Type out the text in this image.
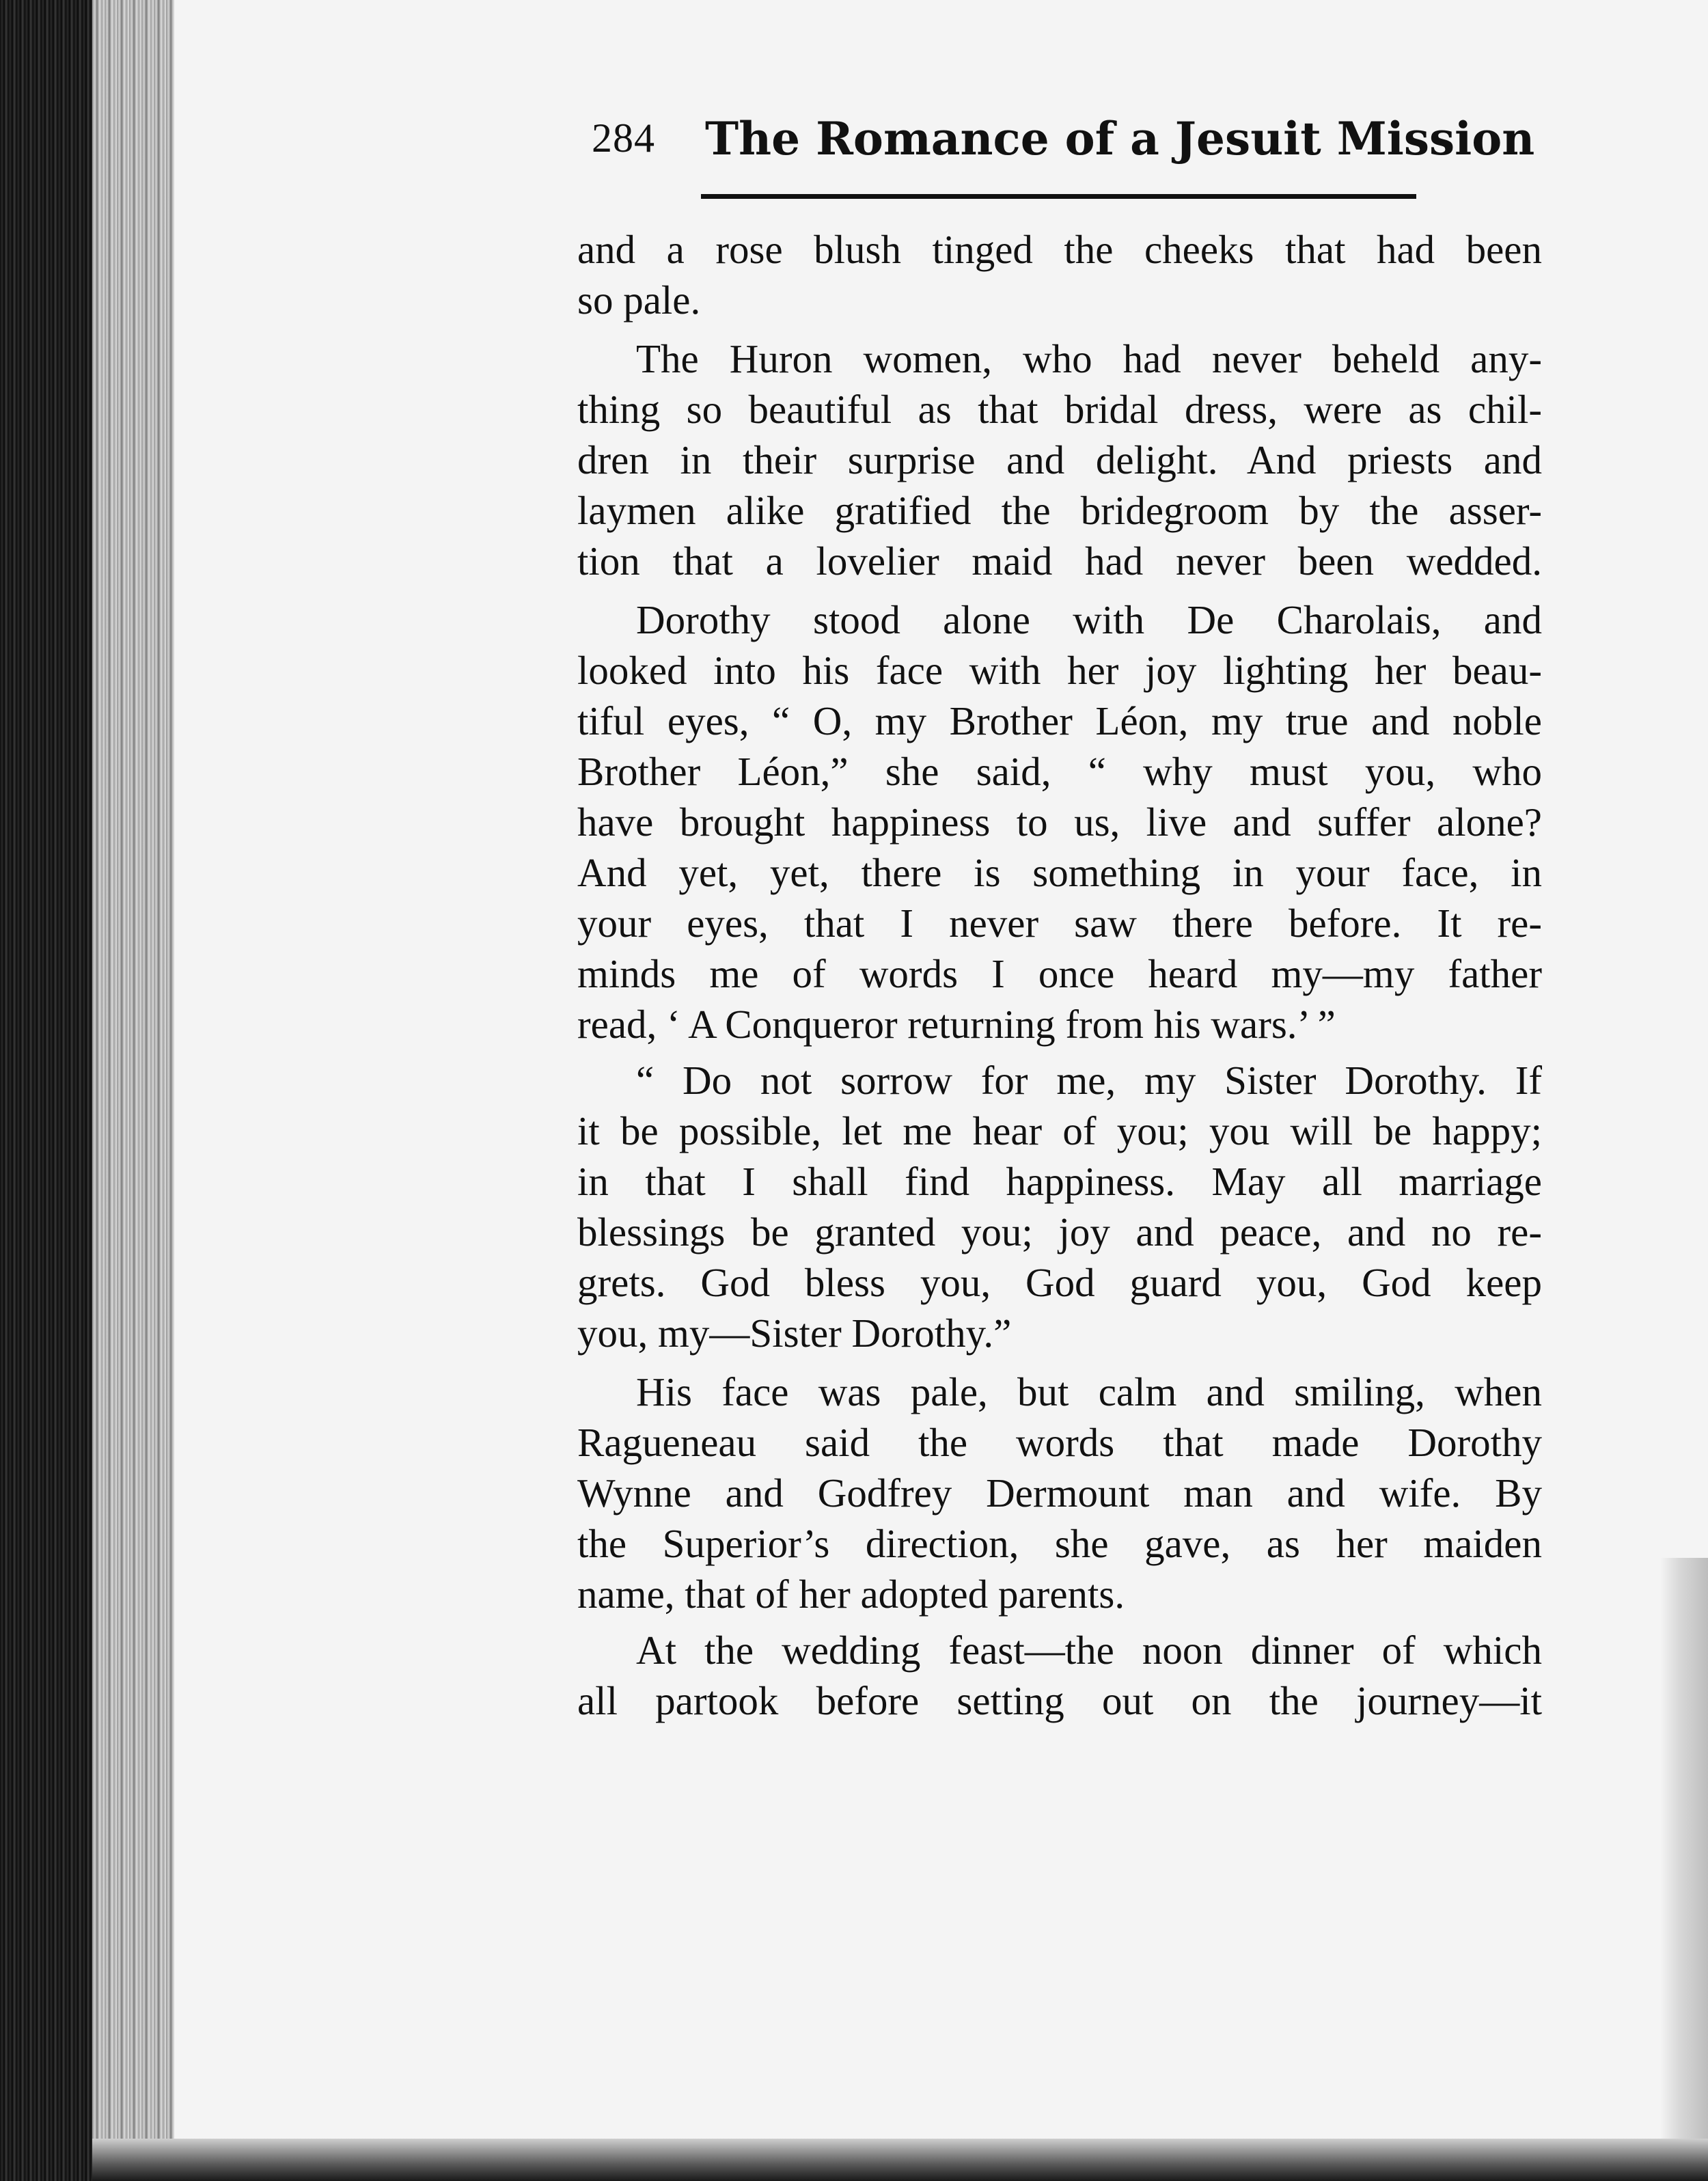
284 The Romance of a Jesuit Mission
and a rose blush tinged the cheeks that had been
so pale.
The Huron women, who had never beheld any-
thing so beautiful as that bridal dress, were as chil-
dren in their surprise and delight. And priests and
laymen alike gratified the bridegroom by the asser-
tion that a lovelier maid had never been wedded.
Dorothy stood alone with De Charolais, and
looked into his face with her joy lighting her beau-
tiful eyes, “ O, my Brother Léon, my true and noble
Brother Léon,” she said, “ why must you, who
have brought happiness to us, live and suffer alone?
And yet, yet, there is something in your face, in
your eyes, that I never saw there before. It re-
minds me of words I once heard my—my father
read, ‘ A Conqueror returning from his wars.’ ”
“ Do not sorrow for me, my Sister Dorothy. If
it be possible, let me hear of you; you will be happy;
in that I shall find happiness. May all marriage
blessings be granted you; joy and peace, and no re-
grets. God bless you, God guard you, God keep
you, my—Sister Dorothy.”
His face was pale, but calm and smiling, when
Ragueneau said the words that made Dorothy
Wynne and Godfrey Dermount man and wife. By
the Superior’s direction, she gave, as her maiden
name, that of her adopted parents.
At the wedding feast—the noon dinner of which
all partook before setting out on the journey—it
